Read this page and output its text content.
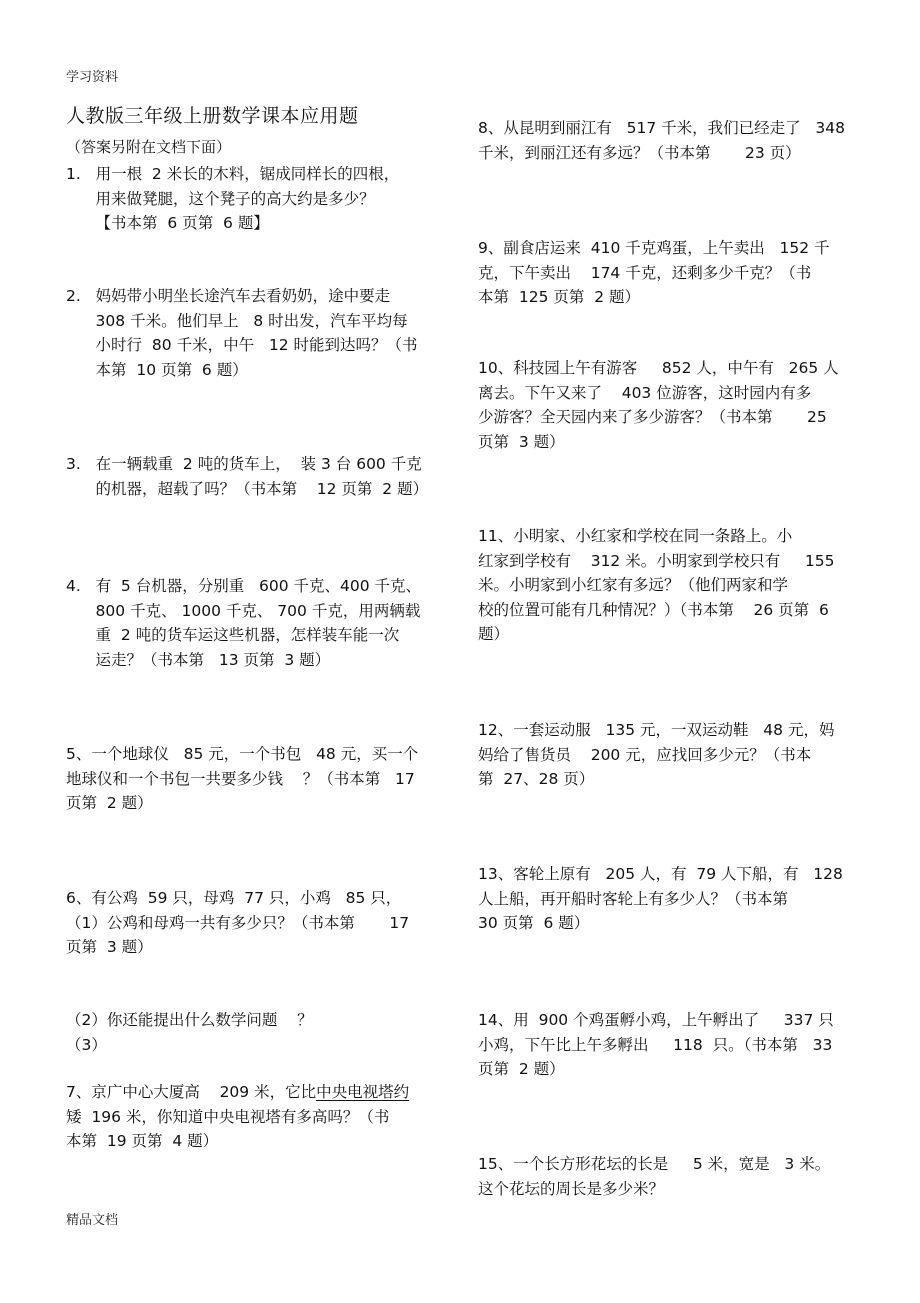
学习资料
精品文档
人教版三年级上册数学课本应用题
（答案另附在文档下面）
1.   用一根  2 米长的木料，锯成同样长的四根，
用来做凳腿，这个凳子的高大约是多少？
【书本第  6 页第  6 题】
2.   妈妈带小明坐长途汽车去看奶奶，途中要走
308 千米。他们早上   8 时出发，汽车平均每
小时行  80 千米，中午   12 时能到达吗？（书
本第  10 页第  6 题）
3.   在一辆载重  2 吨的货车上，  装 3 台 600 千克
的机器，超载了吗？（书本第    12 页第  2 题）
4.   有  5 台机器，分别重   600 千克、400 千克、
800 千克、 1000 千克、 700 千克，用两辆载
重  2 吨的货车运这些机器，怎样装车能一次
运走？（书本第   13 页第  3 题）
5、一个地球仪   85 元，一个书包   48 元，买一个
地球仪和一个书包一共要多少钱    ？（书本第   17
页第  2 题）
6、有公鸡  59 只，母鸡  77 只，小鸡   85 只，
（1）公鸡和母鸡一共有多少只？（书本第       17
页第  3 题）
（2）你还能提出什么数学问题    ？
（3）
7、京广中心大厦高    209 米，它比中央电视塔约
矮  196 米，你知道中央电视塔有多高吗？（书
本第  19 页第  4 题）
8、从昆明到丽江有   517 千米，我们已经走了   348
千米，到丽江还有多远？（书本第       23 页）
9、副食店运来  410 千克鸡蛋，上午卖出   152 千
克，下午卖出    174 千克，还剩多少千克？（书
本第  125 页第  2 题）
10、科技园上午有游客     852 人，中午有   265 人
离去。下午又来了    403 位游客，这时园内有多
少游客？全天园内来了多少游客？（书本第       25
页第  3 题）
11、小明家、小红家和学校在同一条路上。小
红家到学校有    312 米。小明家到学校只有     155
米。小明家到小红家有多远？（他们两家和学
校的位置可能有几种情况？）（书本第    26 页第  6
题）
12、一套运动服   135 元，一双运动鞋   48 元，妈
妈给了售货员    200 元，应找回多少元？（书本
第  27、28 页）
13、客轮上原有   205 人，有  79 人下船，有   128
人上船，再开船时客轮上有多少人？（书本第
30 页第  6 题）
14、用  900 个鸡蛋孵小鸡，上午孵出了     337 只
小鸡，下午比上午多孵出     118  只。（书本第   33
页第  2 题）
15、一个长方形花坛的长是     5 米，宽是   3 米。
这个花坛的周长是多少米？
